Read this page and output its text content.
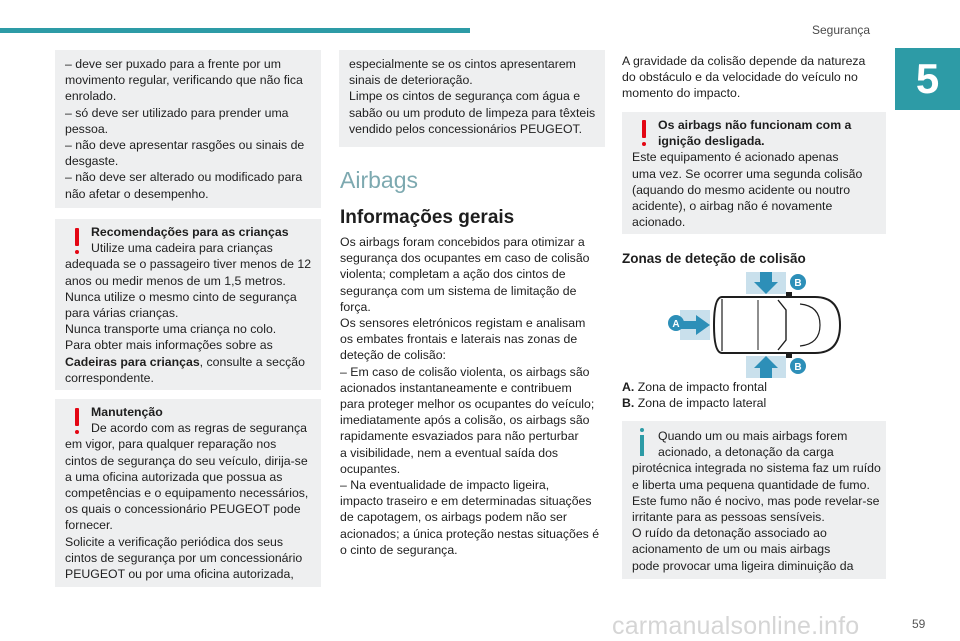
Segurança
5

– deve ser puxado para a frente por um

movimento regular, verificando que não fica

enrolado.

– só deve ser utilizado para prender uma

pessoa.

– não deve apresentar rasgões ou sinais de

desgaste.

– não deve ser alterado ou modificado para

não afetar o desempenho.

Recomendações para as crianças

Utilize uma cadeira para crianças

adequada se o passageiro tiver menos de 12

anos ou medir menos de um 1,5 metros.

Nunca utilize o mesmo cinto de segurança

para várias crianças.

Nunca transporte uma criança no colo.

Para obter mais informações sobre as

Cadeiras para crianças, consulte a secção

correspondente.

Manutenção

De acordo com as regras de segurança

em vigor, para qualquer reparação nos

cintos de segurança do seu veículo, dirija-se

a uma oficina autorizada que possua as

competências e o equipamento necessários,

os quais o concessionário PEUGEOT pode

fornecer.

Solicite a verificação periódica dos seus

cintos de segurança por um concessionário

PEUGEOT ou por uma oficina autorizada,

especialmente se os cintos apresentarem

sinais de deterioração.

Limpe os cintos de segurança com água e

sabão ou um produto de limpeza para têxteis

vendido pelos concessionários PEUGEOT.

Airbags
Informações gerais

Os airbags foram concebidos para otimizar a

segurança dos ocupantes em caso de colisão

violenta; completam a ação dos cintos de

segurança com um sistema de limitação de

força.

Os sensores eletrónicos registam e analisam

os embates frontais e laterais nas zonas de

deteção de colisão:

– Em caso de colisão violenta, os airbags são

acionados instantaneamente e contribuem

para proteger melhor os ocupantes do veículo;

imediatamente após a colisão, os airbags são

rapidamente esvaziados para não perturbar

a visibilidade, nem a eventual saída dos

ocupantes.

– Na eventualidade de impacto ligeira,

impacto traseiro e em determinadas situações

de capotagem, os airbags podem não ser

acionados; a única proteção nestas situações é

o cinto de segurança.

A gravidade da colisão depende da natureza

do obstáculo e da velocidade do veículo no

momento do impacto.

Os airbags não funcionam com a

ignição desligada.

Este equipamento é acionado apenas

uma vez. Se ocorrer uma segunda colisão

(aquando do mesmo acidente ou noutro

acidente), o airbag não é novamente

acionado.

Zonas de deteção de colisão
A
B
B

A. Zona de impacto frontal

B. Zona de impacto lateral

Quando um ou mais airbags forem

acionado, a detonação da carga

pirotécnica integrada no sistema faz um ruído

e liberta uma pequena quantidade de fumo.

Este fumo não é nocivo, mas pode revelar-se

irritante para as pessoas sensíveis.

O ruído da detonação associado ao

acionamento de um ou mais airbags

pode provocar uma ligeira diminuição da

carmanualsonline.info	59
